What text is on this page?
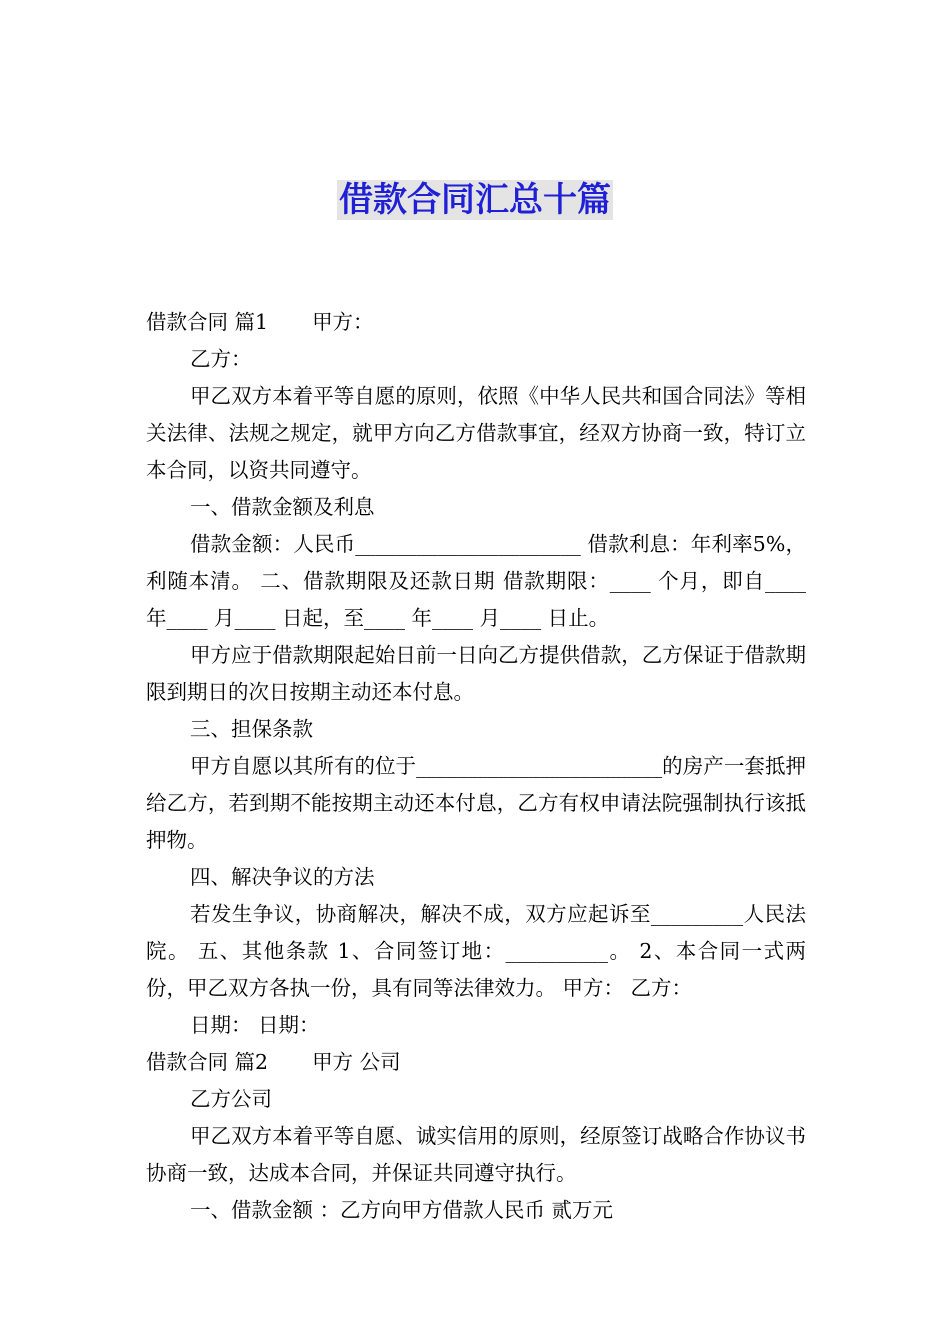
借款合同汇总十篇

借款合同 篇1 甲方：

乙方：

甲乙双方本着平等自愿的原则，依照《中华人民共和国合同法》等相关法律、法规之规定，就甲方向乙方借款事宜，经双方协商一致，特订立本合同，以资共同遵守。

一、借款金额及利息

借款金额：人民币______________________ 借款利息：年利率5%，利随本清。 二、借款期限及还款日期 借款期限：____ 个月，即自____ 年____ 月____ 日起，至____ 年____ 月____ 日止。

甲方应于借款期限起始日前一日向乙方提供借款，乙方保证于借款期限到期日的次日按期主动还本付息。

三、担保条款

甲方自愿以其所有的位于________________________的房产一套抵押给乙方，若到期不能按期主动还本付息，乙方有权申请法院强制执行该抵押物。

四、解决争议的方法

若发生争议，协商解决，解决不成，双方应起诉至_________人民法院。 五、其他条款 1、合同签订地：__________。 2、本合同一式两份，甲乙双方各执一份，具有同等法律效力。 甲方： 乙方：

日期： 日期：

借款合同 篇2 甲方 公司

乙方公司

甲乙双方本着平等自愿、诚实信用的原则，经原签订战略合作协议书协商一致，达成本合同，并保证共同遵守执行。

一、借款金额 ：乙方向甲方借款人民币 贰万元
